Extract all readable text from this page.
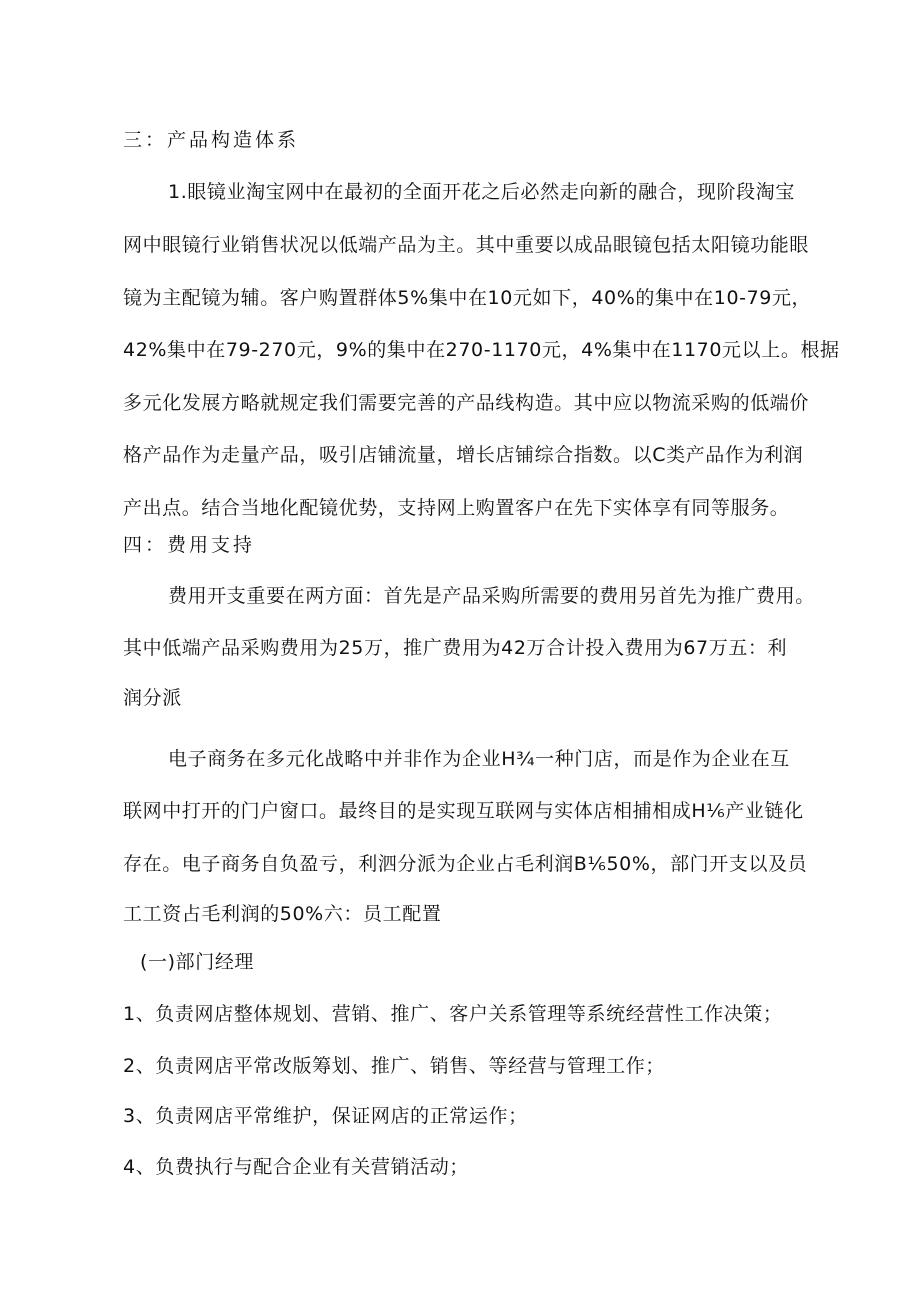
三：产品构造体系
1.眼镜业淘宝网中在最初的全面开花之后必然走向新的融合，现阶段淘宝
网中眼镜行业销售状况以低端产品为主。其中重要以成品眼镜包括太阳镜功能眼
镜为主配镜为辅。客户购置群体5%集中在10元如下，40%的集中在10-79元，
42%集中在79-270元，9%的集中在270-1170元，4%集中在1170元以上。根据
多元化发展方略就规定我们需要完善的产品线构造。其中应以物流采购的低端价
格产品作为走量产品，吸引店铺流量，增长店铺综合指数。以C类产品作为利润
产出点。结合当地化配镜优势，支持网上购置客户在先下实体享有同等服务。
四：费用支持
费用开支重要在两方面：首先是产品采购所需要的费用另首先为推广费用。
其中低端产品采购费用为25万，推广费用为42万合计投入费用为67万五：利
润分派
电子商务在多元化战略中并非作为企业H¾一种门店，而是作为企业在互
联网中打开的门户窗口。最终目的是实现互联网与实体店相捕相成H⅙产业链化
存在。电子商务自负盈亏，利泗分派为企业占毛利润B⅙50%，部门开支以及员
工工资占毛利润的50%六：员工配置
(一)部门经理
1、负责网店整体规划、营销、推广、客户关系管理等系统经营性工作决策；
2、负责网店平常改版筹划、推广、销售、等经营与管理工作；
3、负责网店平常维护，保证网店的正常运作；
4、负费执行与配合企业有关营销活动；
